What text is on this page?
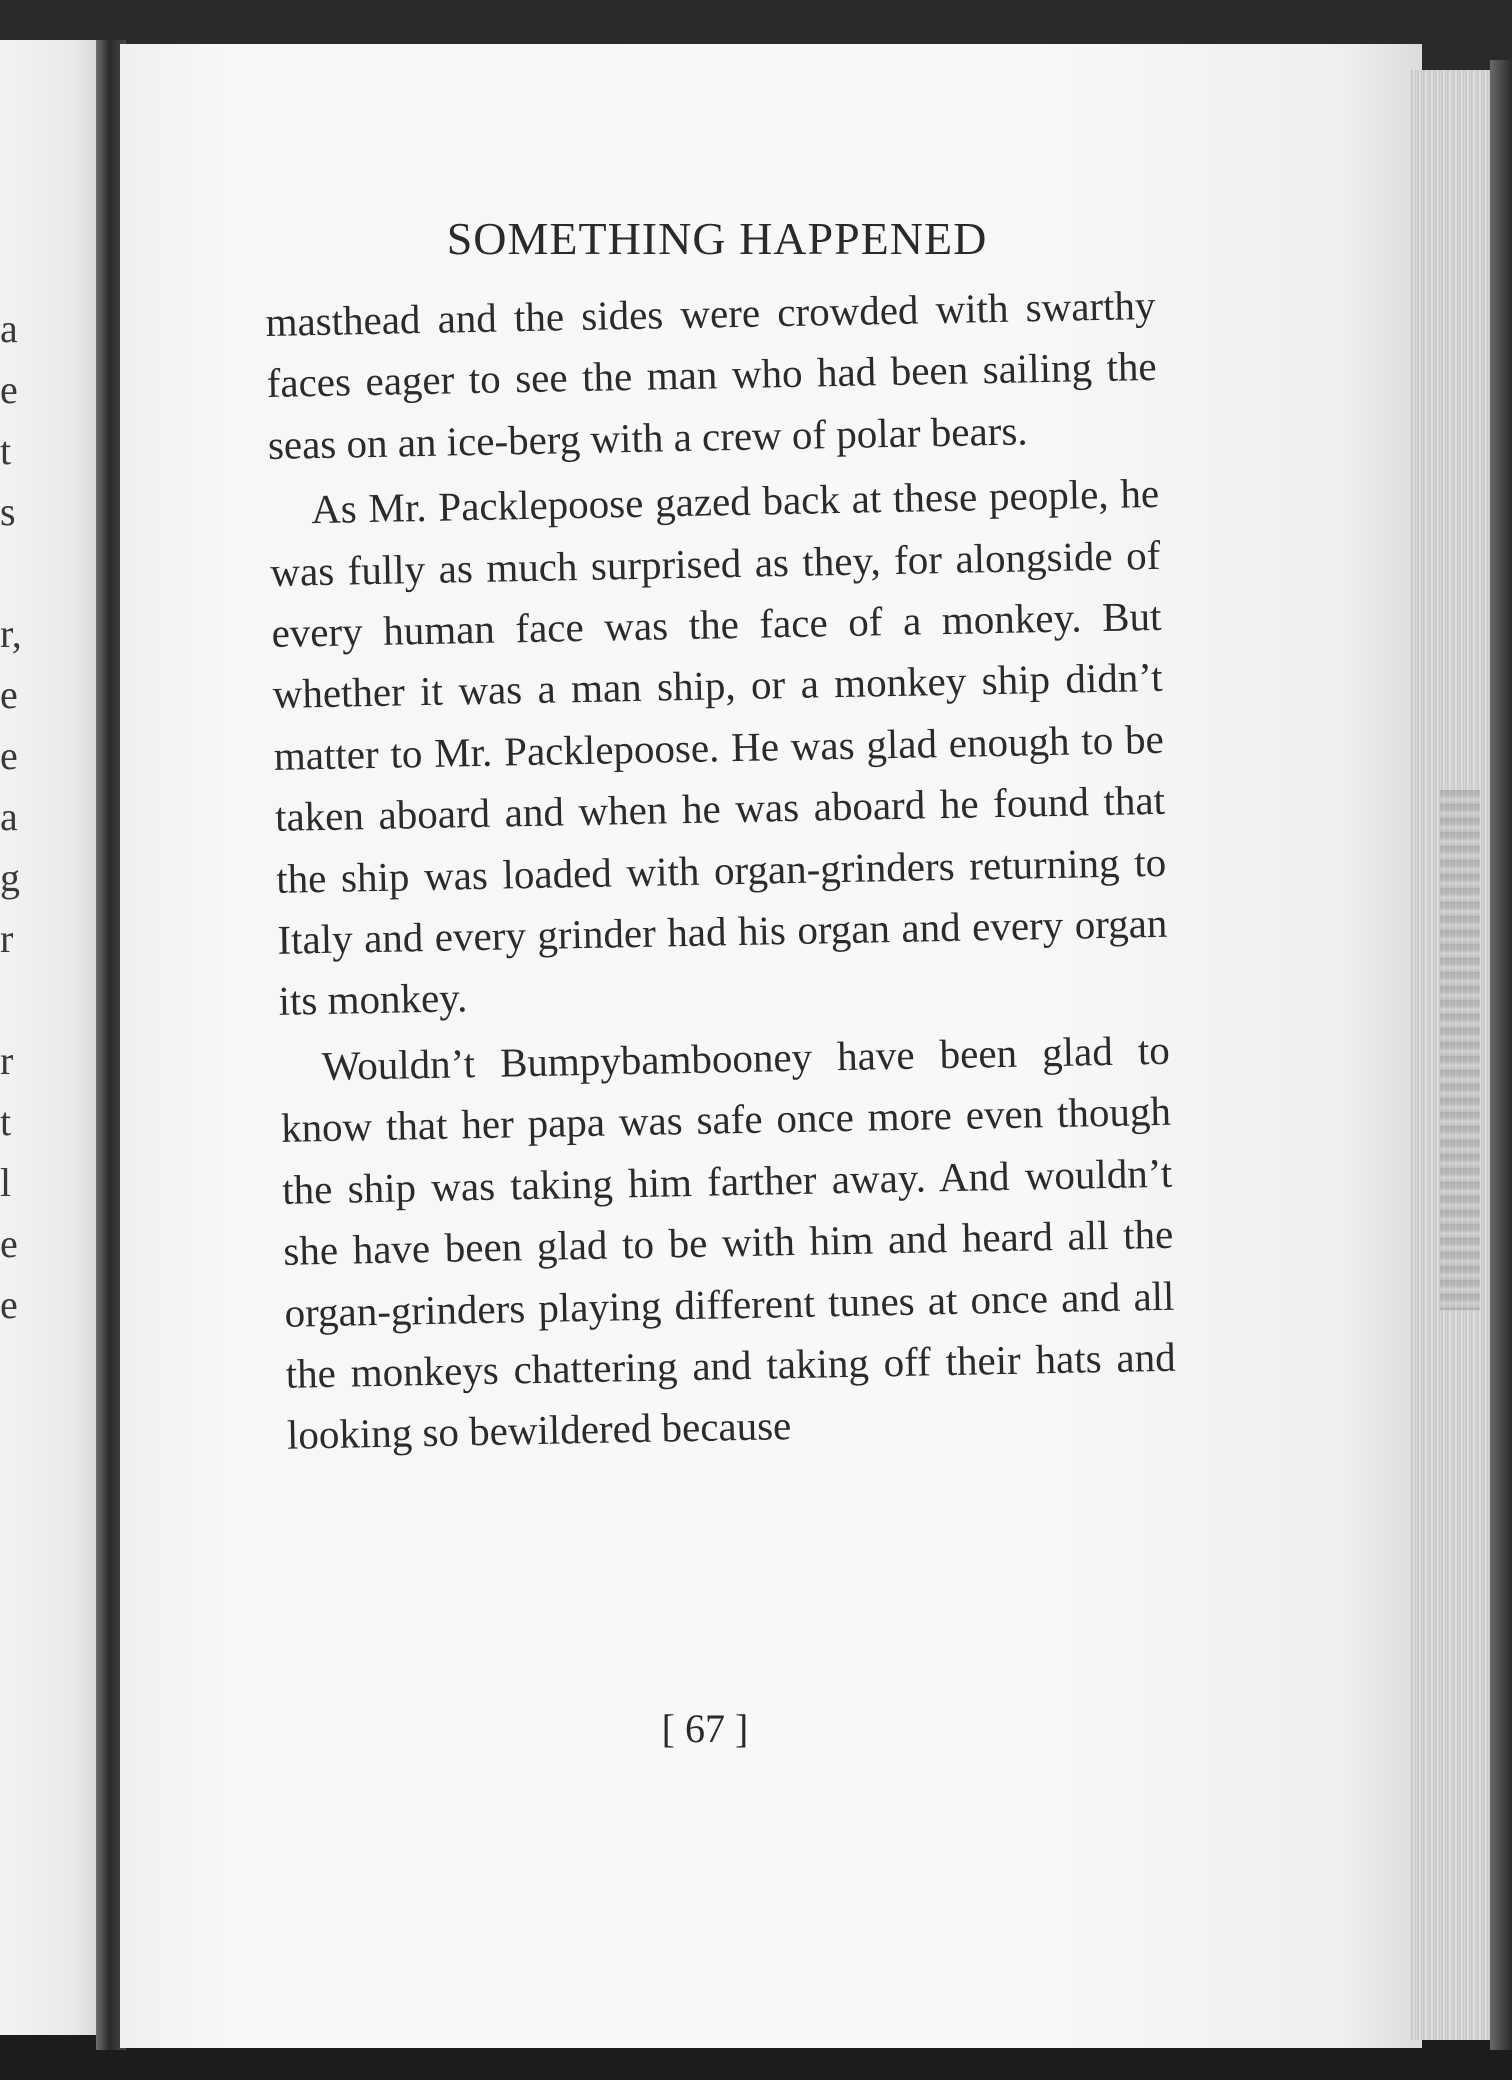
a
e
t
s

r,
e
e
a
g
r

r
t
l
e
e
SOMETHING HAPPENED

masthead and the sides were crowded with swarthy faces eager to see the man who had been sailing the seas on an ice-berg with a crew of polar bears.

As Mr. Packlepoose gazed back at these people, he was fully as much surprised as they, for alongside of every human face was the face of a monkey. But whether it was a man ship, or a monkey ship didn’t matter to Mr. Packlepoose. He was glad enough to be taken aboard and when he was aboard he found that the ship was loaded with organ-grinders returning to Italy and every grinder had his organ and every organ its monkey.

Wouldn’t Bumpybambooney have been glad to know that her papa was safe once more even though the ship was taking him farther away. And wouldn’t she have been glad to be with him and heard all the organ-grinders playing different tunes at once and all the monkeys chattering and taking off their hats and looking so bewildered because

[ 67 ]
